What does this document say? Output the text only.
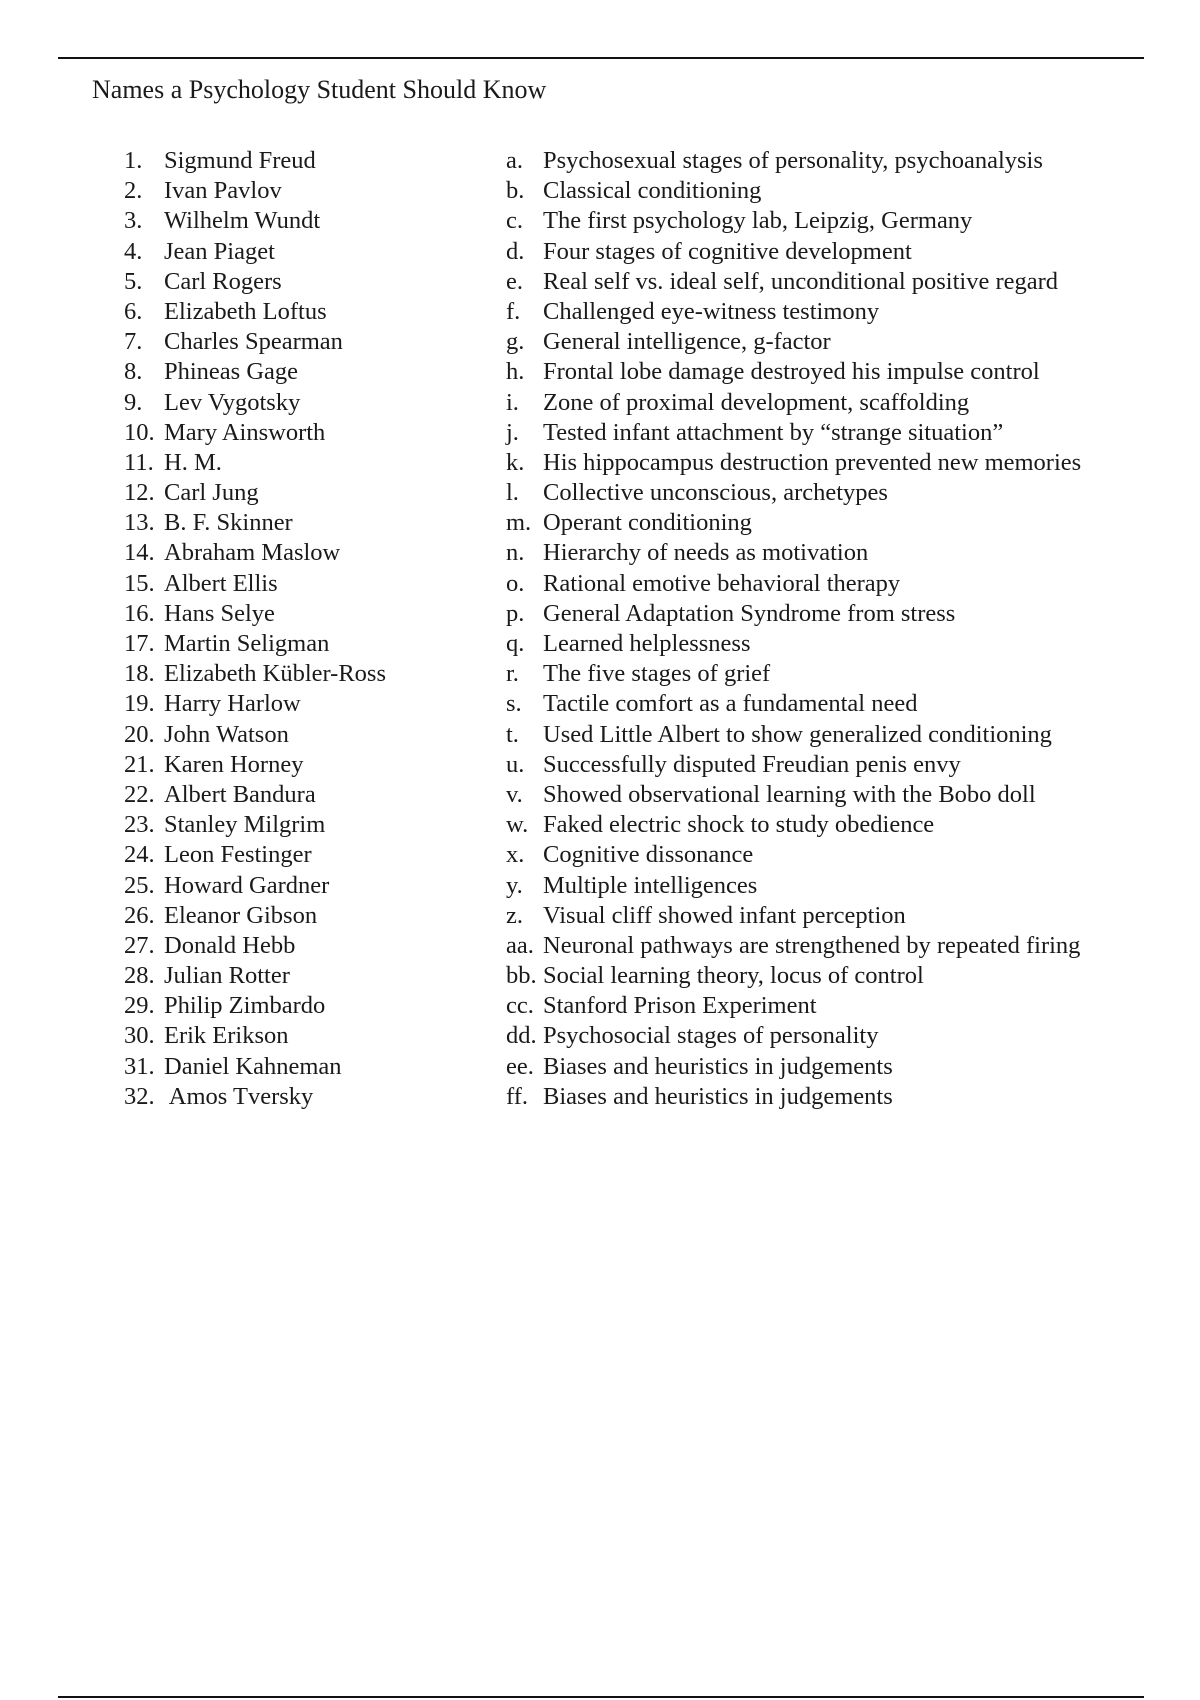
Names a Psychology Student Should Know
1. Sigmund Freud
2. Ivan Pavlov
3. Wilhelm Wundt
4. Jean Piaget
5. Carl Rogers
6. Elizabeth Loftus
7. Charles Spearman
8. Phineas Gage
9. Lev Vygotsky
10. Mary Ainsworth
11. H. M.
12. Carl Jung
13. B. F. Skinner
14. Abraham Maslow
15. Albert Ellis
16. Hans Selye
17. Martin Seligman
18. Elizabeth Kübler-Ross
19. Harry Harlow
20. John Watson
21. Karen Horney
22. Albert Bandura
23. Stanley Milgrim
24. Leon Festinger
25. Howard Gardner
26. Eleanor Gibson
27. Donald Hebb
28. Julian Rotter
29. Philip Zimbardo
30. Erik Erikson
31. Daniel Kahneman
32. Amos Tversky
a. Psychosexual stages of personality, psychoanalysis
b. Classical conditioning
c. The first psychology lab, Leipzig, Germany
d. Four stages of cognitive development
e. Real self vs. ideal self, unconditional positive regard
f. Challenged eye-witness testimony
g. General intelligence, g-factor
h. Frontal lobe damage destroyed his impulse control
i. Zone of proximal development, scaffolding
j. Tested infant attachment by “strange situation”
k. His hippocampus destruction prevented new memories
l. Collective unconscious, archetypes
m. Operant conditioning
n. Hierarchy of needs as motivation
o. Rational emotive behavioral therapy
p. General Adaptation Syndrome from stress
q. Learned helplessness
r. The five stages of grief
s. Tactile comfort as a fundamental need
t. Used Little Albert to show generalized conditioning
u. Successfully disputed Freudian penis envy
v. Showed observational learning with the Bobo doll
w. Faked electric shock to study obedience
x. Cognitive dissonance
y. Multiple intelligences
z. Visual cliff showed infant perception
aa. Neuronal pathways are strengthened by repeated firing
bb. Social learning theory, locus of control
cc. Stanford Prison Experiment
dd. Psychosocial stages of personality
ee. Biases and heuristics in judgements
ff. Biases and heuristics in judgements
